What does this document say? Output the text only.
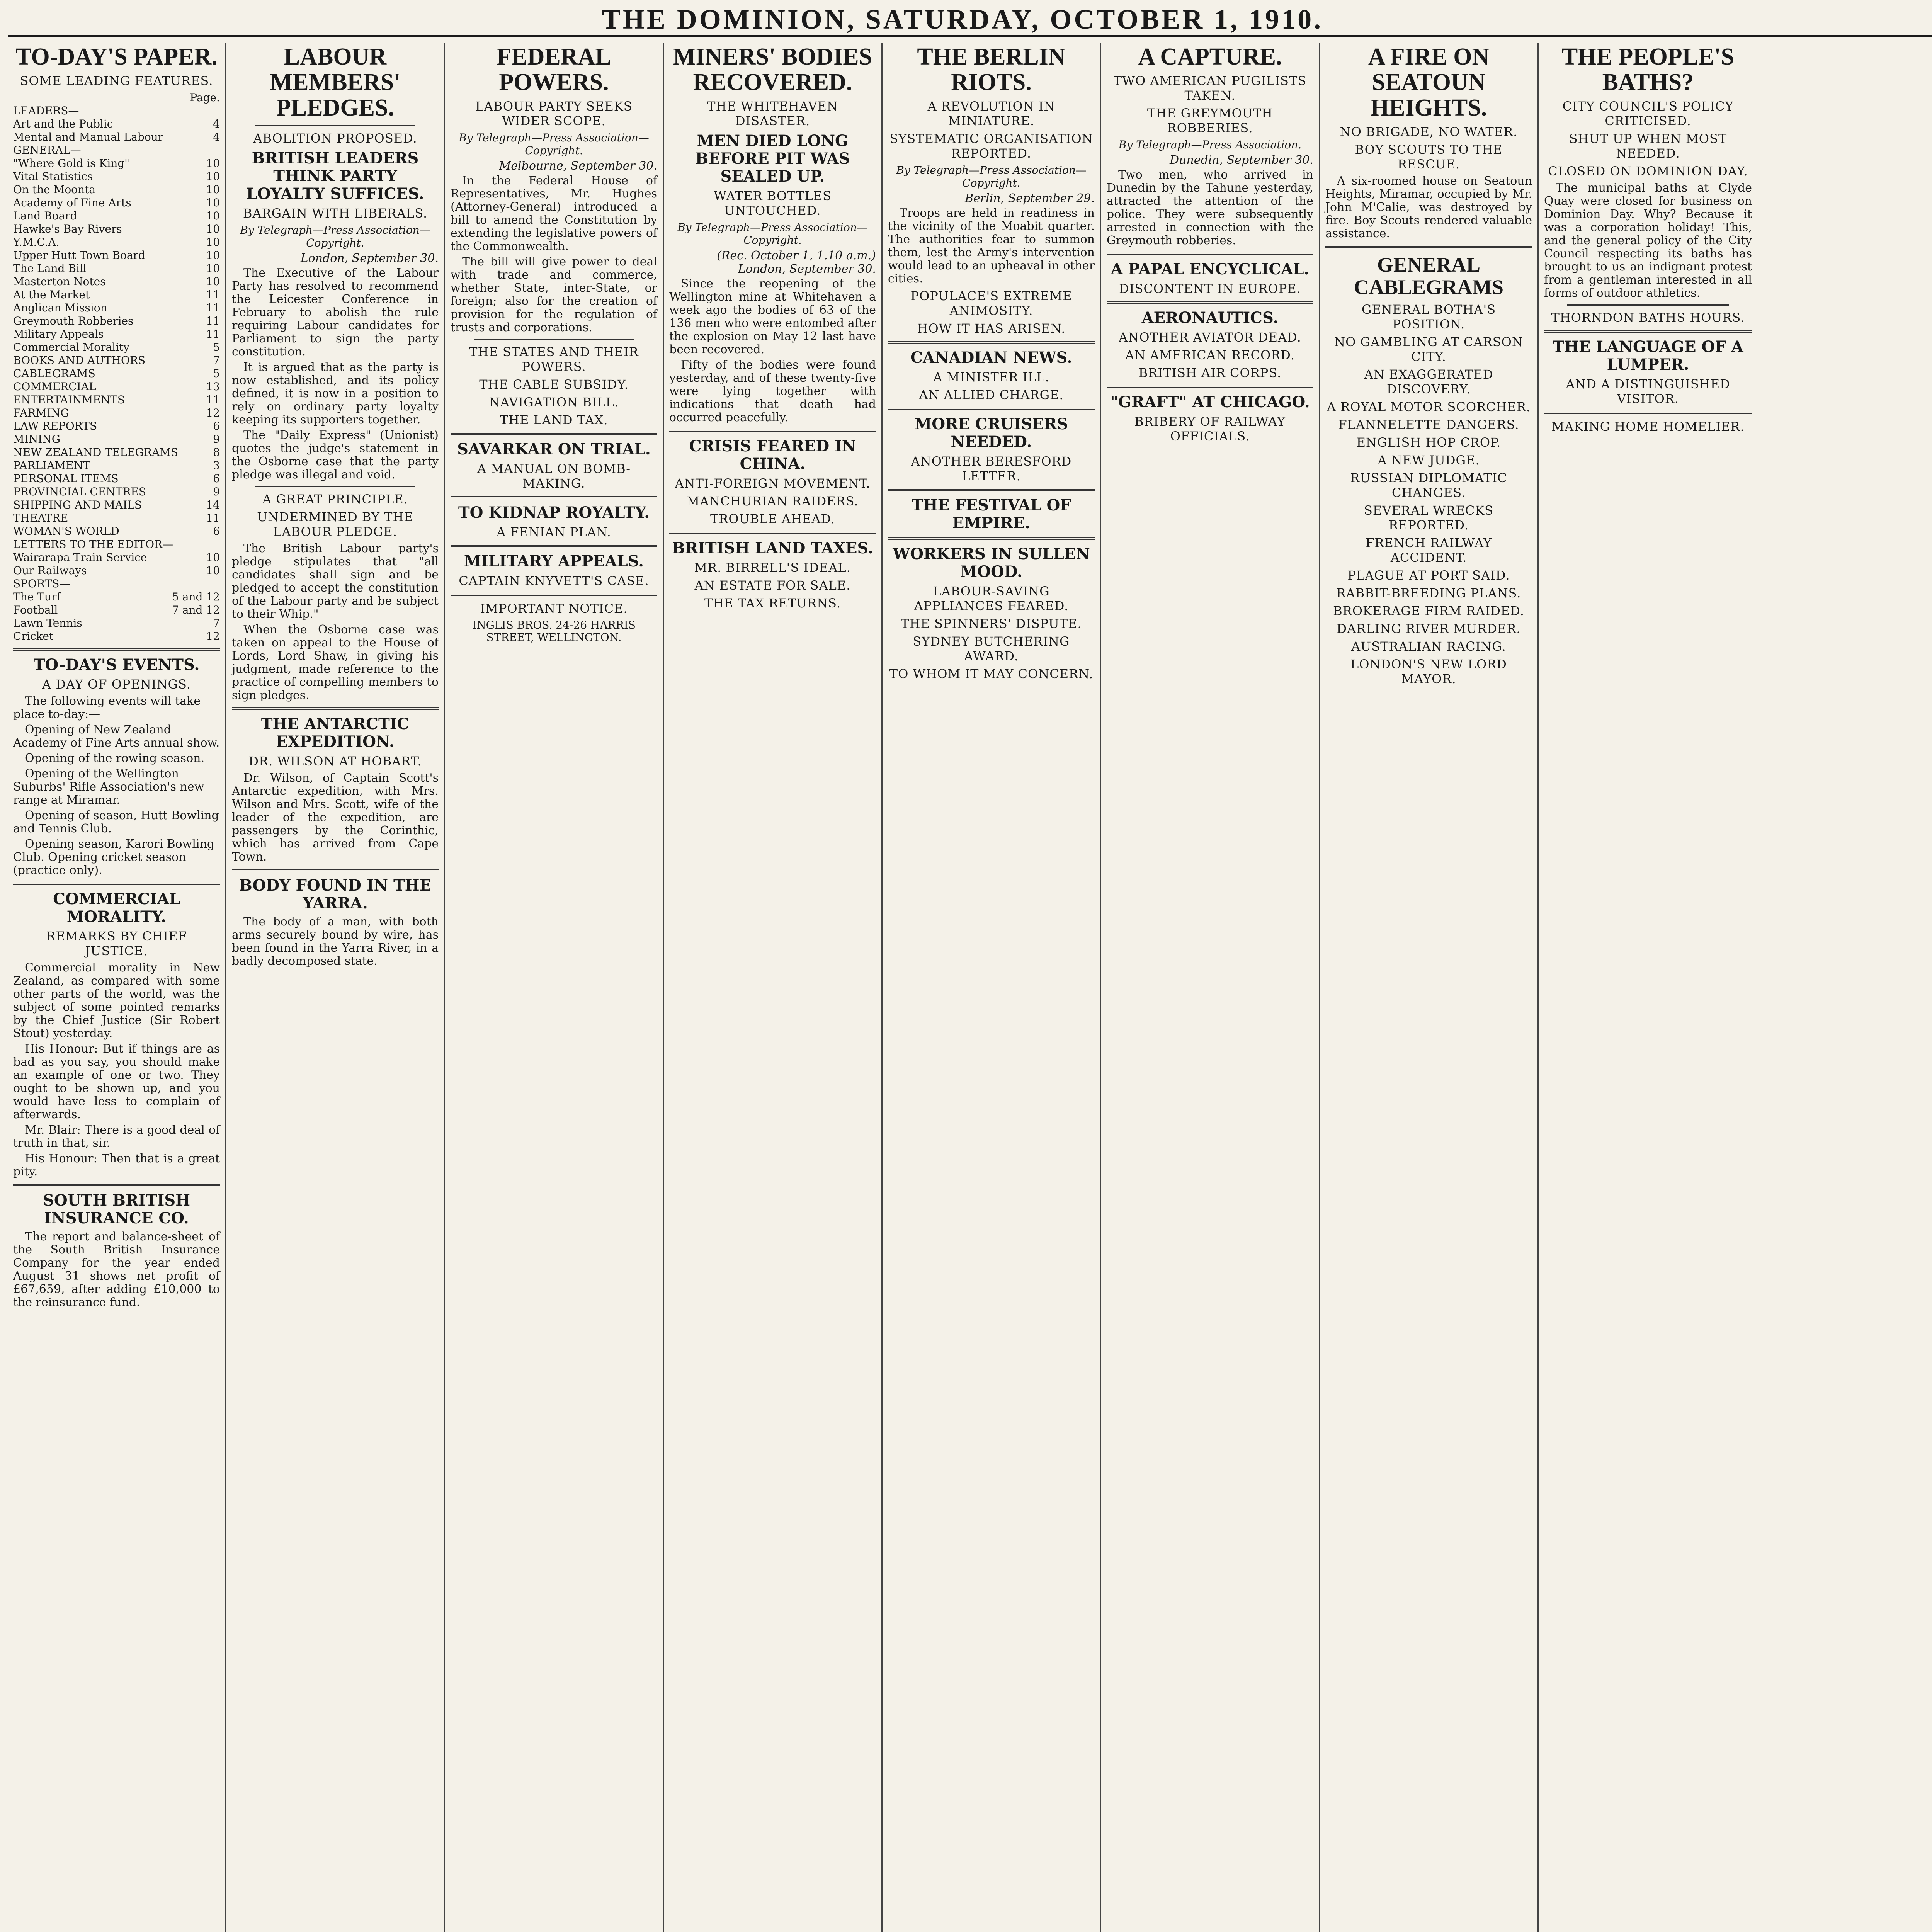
THE DOMINION, SATURDAY, OCTOBER 1, 1910.
TO-DAY'S PAPER.
SOME LEADING FEATURES.
Page.
LEADERS—
Art and the Public	4
Mental and Manual Labour	4
GENERAL—
"Where Gold is King"	10
Vital Statistics	10
On the Moonta	10
Academy of Fine Arts	10
Land Board	10
Hawke's Bay Rivers	10
Y.M.C.A.	10
Upper Hutt Town Board	10
The Land Bill	10
Masterton Notes	10
At the Market	11
Anglican Mission	11
Greymouth Robberies	11
Military Appeals	11
Commercial Morality	5
BOOKS AND AUTHORS	7
CABLEGRAMS	5
COMMERCIAL	13
ENTERTAINMENTS	11
FARMING	12
LAW REPORTS	6
MINING	9
NEW ZEALAND TELEGRAMS	8
PARLIAMENT	3
PERSONAL ITEMS	6
PROVINCIAL CENTRES	9
SHIPPING AND MAILS	14
THEATRE	11
WOMAN'S WORLD	6
LETTERS TO THE EDITOR—
Wairarapa Train Service	10
Our Railways	10
SPORTS—
The Turf	5 and 12
Football	7 and 12
Lawn Tennis	7
Cricket	12
TO-DAY'S EVENTS.
A DAY OF OPENINGS.

The following events will take place to-day:—

Opening of New Zealand Academy of Fine Arts annual show.

Opening of the rowing season.

Opening of the Wellington Suburbs' Rifle Association's new range at Miramar.

Opening of season, Hutt Bowling and Tennis Club.

Opening season, Karori Bowling Club. Opening cricket season (practice only).

COMMERCIAL MORALITY.
REMARKS BY CHIEF JUSTICE.

Commercial morality in New Zealand, as compared with some other parts of the world, was the subject of some pointed remarks by the Chief Justice (Sir Robert Stout) yesterday.

His Honour: But if things are as bad as you say, you should make an example of one or two. They ought to be shown up, and you would have less to complain of afterwards.

Mr. Blair: There is a good deal of truth in that, sir.

His Honour: Then that is a great pity.

SOUTH BRITISH INSURANCE CO.

The report and balance-sheet of the South British Insurance Company for the year ended August 31 shows net profit of £67,659, after adding £10,000 to the reinsurance fund.

LABOUR MEMBERS' PLEDGES.
ABOLITION PROPOSED.
BRITISH LEADERS THINK PARTY LOYALTY SUFFICES.
BARGAIN WITH LIBERALS.
By Telegraph—Press Association—Copyright.
London, September 30.

The Executive of the Labour Party has resolved to recommend the Leicester Conference in February to abolish the rule requiring Labour candidates for Parliament to sign the party constitution.

It is argued that as the party is now established, and its policy defined, it is now in a position to rely on ordinary party loyalty keeping its supporters together.

The "Daily Express" (Unionist) quotes the judge's statement in the Osborne case that the party pledge was illegal and void.

A GREAT PRINCIPLE.
UNDERMINED BY THE LABOUR PLEDGE.

The British Labour party's pledge stipulates that "all candidates shall sign and be pledged to accept the constitution of the Labour party and be subject to their Whip."

When the Osborne case was taken on appeal to the House of Lords, Lord Shaw, in giving his judgment, made reference to the practice of compelling members to sign pledges.

THE ANTARCTIC EXPEDITION.
DR. WILSON AT HOBART.

Dr. Wilson, of Captain Scott's Antarctic expedition, with Mrs. Wilson and Mrs. Scott, wife of the leader of the expedition, are passengers by the Corinthic, which has arrived from Cape Town.

BODY FOUND IN THE YARRA.

The body of a man, with both arms securely bound by wire, has been found in the Yarra River, in a badly decomposed state.

FEDERAL POWERS.
LABOUR PARTY SEEKS WIDER SCOPE.
By Telegraph—Press Association—Copyright.
Melbourne, September 30.

In the Federal House of Representatives, Mr. Hughes (Attorney-General) introduced a bill to amend the Constitution by extending the legislative powers of the Commonwealth.

The bill will give power to deal with trade and commerce, whether State, inter-State, or foreign; also for the creation of provision for the regulation of trusts and corporations.

THE STATES AND THEIR POWERS.
THE CABLE SUBSIDY.
NAVIGATION BILL.
THE LAND TAX.
SAVARKAR ON TRIAL.
A MANUAL ON BOMB-MAKING.
TO KIDNAP ROYALTY.
A FENIAN PLAN.
MILITARY APPEALS.
CAPTAIN KNYVETT'S CASE.
IMPORTANT NOTICE.

INGLIS BROS. 24-26 HARRIS STREET, WELLINGTON.

MINERS' BODIES RECOVERED.
THE WHITEHAVEN DISASTER.
MEN DIED LONG BEFORE PIT WAS SEALED UP.
WATER BOTTLES UNTOUCHED.
By Telegraph—Press Association—Copyright.
(Rec. October 1, 1.10 a.m.) London, September 30.

Since the reopening of the Wellington mine at Whitehaven a week ago the bodies of 63 of the 136 men who were entombed after the explosion on May 12 last have been recovered.

Fifty of the bodies were found yesterday, and of these twenty-five were lying together with indications that death had occurred peacefully.

CRISIS FEARED IN CHINA.
ANTI-FOREIGN MOVEMENT.
MANCHURIAN RAIDERS.
TROUBLE AHEAD.
BRITISH LAND TAXES.
MR. BIRRELL'S IDEAL.
AN ESTATE FOR SALE.
THE TAX RETURNS.
THE BERLIN RIOTS.
A REVOLUTION IN MINIATURE.
SYSTEMATIC ORGANISATION REPORTED.
By Telegraph—Press Association—Copyright.
Berlin, September 29.

Troops are held in readiness in the vicinity of the Moabit quarter. The authorities fear to summon them, lest the Army's intervention would lead to an upheaval in other cities.

POPULACE'S EXTREME ANIMOSITY.
HOW IT HAS ARISEN.
CANADIAN NEWS.
A MINISTER ILL.
AN ALLIED CHARGE.
MORE CRUISERS NEEDED.
ANOTHER BERESFORD LETTER.
THE FESTIVAL OF EMPIRE.
WORKERS IN SULLEN MOOD.
LABOUR-SAVING APPLIANCES FEARED.
THE SPINNERS' DISPUTE.
SYDNEY BUTCHERING AWARD.
TO WHOM IT MAY CONCERN.
A CAPTURE.
TWO AMERICAN PUGILISTS TAKEN.
THE GREYMOUTH ROBBERIES.
By Telegraph—Press Association.
Dunedin, September 30.

Two men, who arrived in Dunedin by the Tahune yesterday, attracted the attention of the police. They were subsequently arrested in connection with the Greymouth robberies.

A PAPAL ENCYCLICAL.
DISCONTENT IN EUROPE.
AERONAUTICS.
ANOTHER AVIATOR DEAD.
AN AMERICAN RECORD.
BRITISH AIR CORPS.
"GRAFT" AT CHICAGO.
BRIBERY OF RAILWAY OFFICIALS.
A FIRE ON SEATOUN HEIGHTS.
NO BRIGADE, NO WATER.
BOY SCOUTS TO THE RESCUE.

A six-roomed house on Seatoun Heights, Miramar, occupied by Mr. John M'Calie, was destroyed by fire. Boy Scouts rendered valuable assistance.

GENERAL CABLEGRAMS
GENERAL BOTHA'S POSITION.
NO GAMBLING AT CARSON CITY.
AN EXAGGERATED DISCOVERY.
A ROYAL MOTOR SCORCHER.
FLANNELETTE DANGERS.
ENGLISH HOP CROP.
A NEW JUDGE.
RUSSIAN DIPLOMATIC CHANGES.
SEVERAL WRECKS REPORTED.
FRENCH RAILWAY ACCIDENT.
PLAGUE AT PORT SAID.
RABBIT-BREEDING PLANS.
BROKERAGE FIRM RAIDED.
DARLING RIVER MURDER.
AUSTRALIAN RACING.
LONDON'S NEW LORD MAYOR.
THE PEOPLE'S BATHS?
CITY COUNCIL'S POLICY CRITICISED.
SHUT UP WHEN MOST NEEDED.
CLOSED ON DOMINION DAY.

The municipal baths at Clyde Quay were closed for business on Dominion Day. Why? Because it was a corporation holiday! This, and the general policy of the City Council respecting its baths has brought to us an indignant protest from a gentleman interested in all forms of outdoor athletics.

THORNDON BATHS HOURS.
THE LANGUAGE OF A LUMPER.
AND A DISTINGUISHED VISITOR.
MAKING HOME HOMELIER.
